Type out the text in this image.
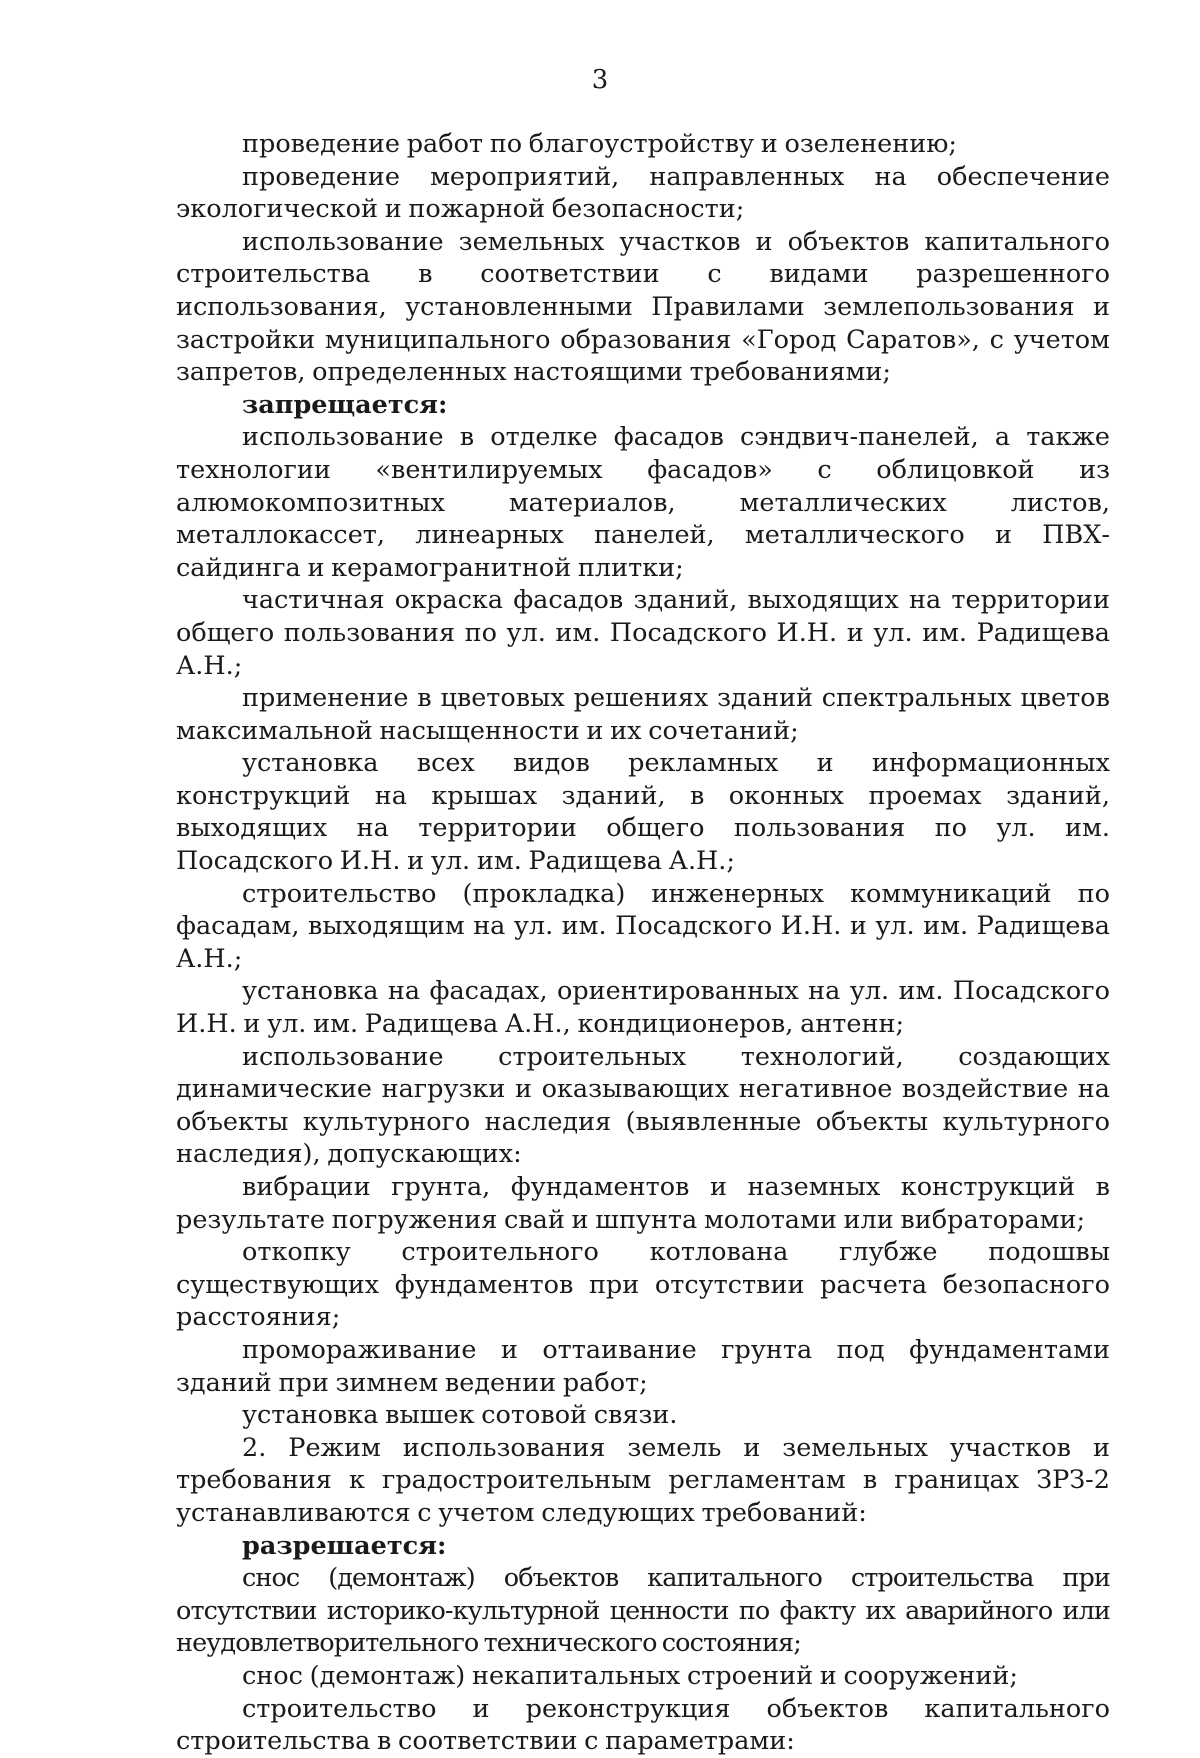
3

проведение работ по благоустройству и озеленению;

проведение мероприятий, направленных на обеспечение экологической и пожарной безопасности;

использование земельных участков и объектов капитального строительства в соответствии с видами разрешенного использования, установленными Правилами землепользования и застройки муниципального образования «Город Саратов», с учетом запретов, определенных настоящими требованиями;

запрещается:

использование в отделке фасадов сэндвич-панелей, а также технологии «вентилируемых фасадов» с облицовкой из алюмокомпозитных материалов, металлических листов, металлокассет, линеарных панелей, металлического и ПВХ-сайдинга и керамогранитной плитки;

частичная окраска фасадов зданий, выходящих на территории общего пользования по ул. им. Посадского И.Н. и ул. им. Радищева А.Н.;

применение в цветовых решениях зданий спектральных цветов максимальной насыщенности и их сочетаний;

установка всех видов рекламных и информационных конструкций на крышах зданий, в оконных проемах зданий, выходящих на территории общего пользования по ул. им. Посадского И.Н. и ул. им. Радищева А.Н.;

строительство (прокладка) инженерных коммуникаций по фасадам, выходящим на ул. им. Посадского И.Н. и ул. им. Радищева А.Н.;

установка на фасадах, ориентированных на ул. им. Посадского И.Н. и ул. им. Радищева А.Н., кондиционеров, антенн;

использование строительных технологий, создающих динамические нагрузки и оказывающих негативное воздействие на объекты культурного наследия (выявленные объекты культурного наследия), допускающих:

вибрации грунта, фундаментов и наземных конструкций в результате погружения свай и шпунта молотами или вибраторами;

откопку строительного котлована глубже подошвы существующих фундаментов при отсутствии расчета безопасного расстояния;

промораживание и оттаивание грунта под фундаментами зданий при зимнем ведении работ;

установка вышек сотовой связи.

2. Режим использования земель и земельных участков и требования к градостроительным регламентам в границах ЗРЗ-2 устанавливаются с учетом следующих требований:

разрешается:

снос (демонтаж) объектов капитального строительства при отсутствии историко-культурной ценности по факту их аварийного или неудовлетворительного технического состояния;

снос (демонтаж) некапитальных строений и сооружений;

строительство и реконструкция объектов капитального строительства в соответствии с параметрами:
